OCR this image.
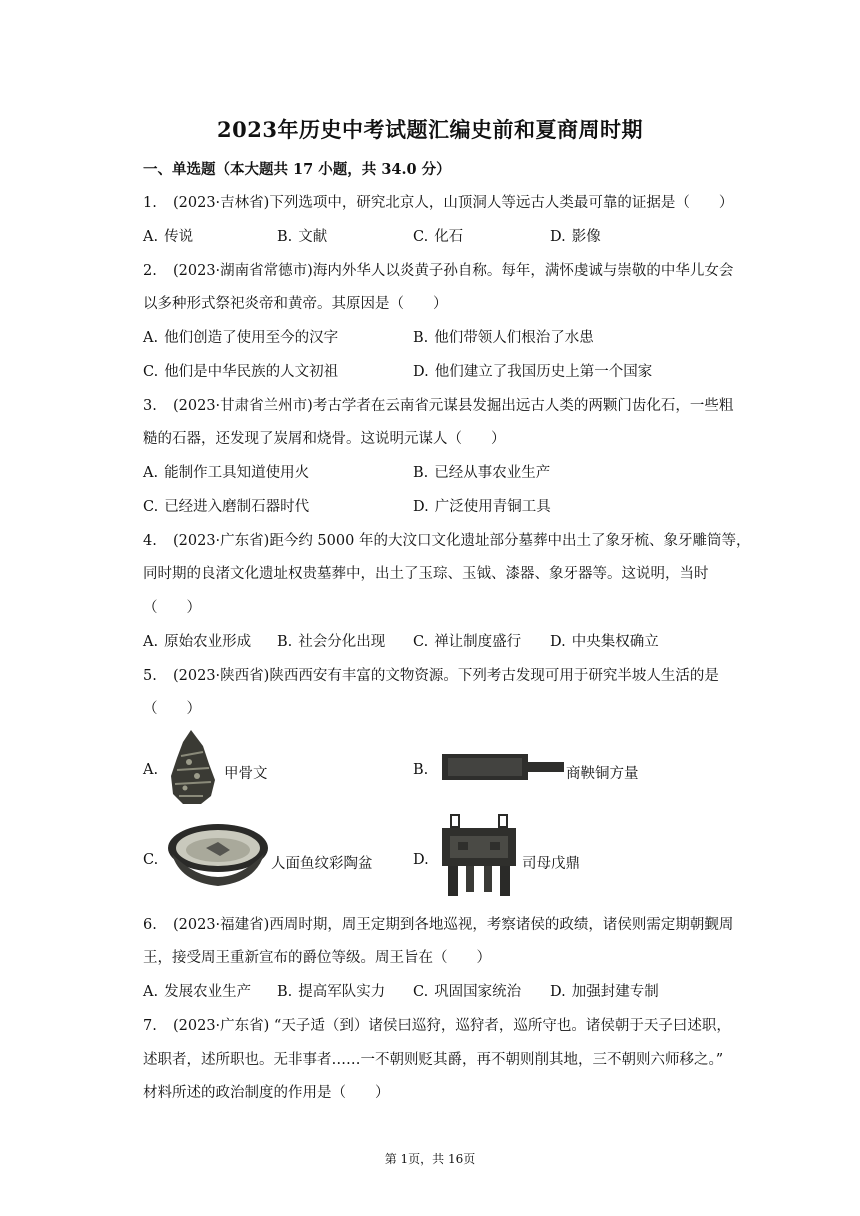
2023年历史中考试题汇编史前和夏商周时期
一、单选题（本大题共 17 小题，共 34.0 分）
1. (2023·吉林省)下列选项中，研究北京人，山顶洞人等远古人类最可靠的证据是（　　）
A. 传说	B. 文献	C. 化石	D. 影像
2. (2023·湖南省常德市)海内外华人以炎黄子孙自称。每年，满怀虔诚与崇敬的中华儿女会
以多种形式祭祀炎帝和黄帝。其原因是（　　）
A. 他们创造了使用至今的汉字	B. 他们带领人们根治了水患
C. 他们是中华民族的人文初祖	D. 他们建立了我国历史上第一个国家
3. (2023·甘肃省兰州市)考古学者在云南省元谋县发掘出远古人类的两颗门齿化石，一些粗
糙的石器，还发现了炭屑和烧骨。这说明元谋人（　　）
A. 能制作工具知道使用火	B. 已经从事农业生产
C. 已经进入磨制石器时代	D. 广泛使用青铜工具
4. (2023·广东省)距今约 5000 年的大汶口文化遗址部分墓葬中出土了象牙梳、象牙雕筒等，
同时期的良渚文化遗址权贵墓葬中，出土了玉琮、玉钺、漆器、象牙器等。这说明，当时
（　　）
A. 原始农业形成 B. 社会分化出现 C. 禅让制度盛行 D. 中央集权确立
5. (2023·陕西省)陕西西安有丰富的文物资源。下列考古发现可用于研究半坡人生活的是
（　　）
A.	甲骨文	B.	商鞅铜方量
C.	人面鱼纹彩陶盆	D.	司母戊鼎
6. (2023·福建省)西周时期，周王定期到各地巡视，考察诸侯的政绩，诸侯则需定期朝觐周
王，接受周王重新宣布的爵位等级。周王旨在（　　）
A. 发展农业生产 B. 提高军队实力 C. 巩固国家统治 D. 加强封建专制
7. (2023·广东省) “天子适（到）诸侯曰巡狩，巡狩者，巡所守也。诸侯朝于天子曰述职，
述职者，述所职也。无非事者……一不朝则贬其爵，再不朝则削其地，三不朝则六师移之。”
材料所述的政治制度的作用是（　　）
第 1页，共 16页
